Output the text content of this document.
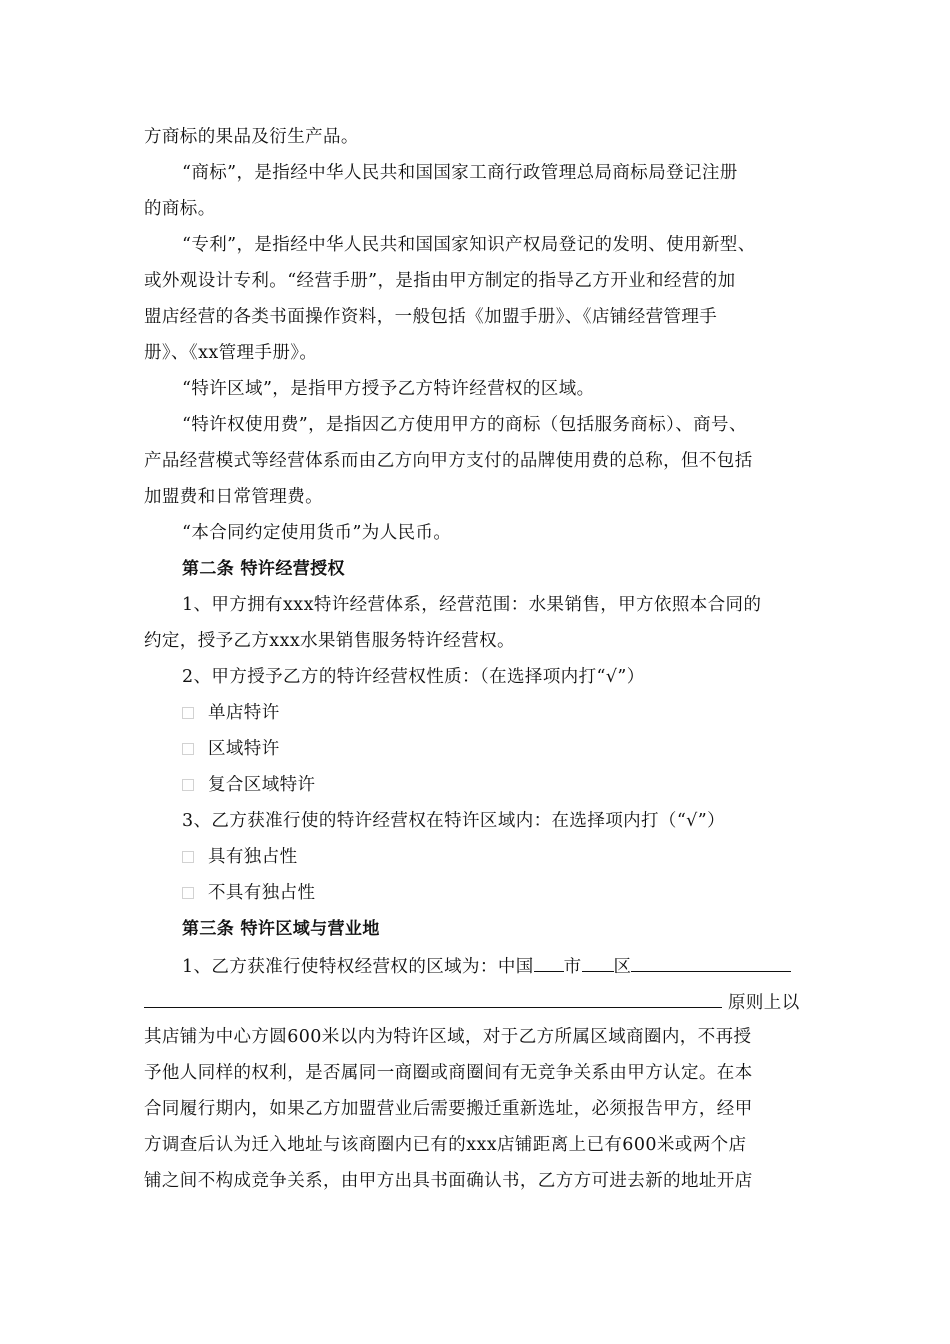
方商标的果品及衍生产品。
“商标”，是指经中华人民共和国国家工商行政管理总局商标局登记注册
的商标。
“专利”，是指经中华人民共和国国家知识产权局登记的发明、使用新型、
或外观设计专利。“经营手册”，是指由甲方制定的指导乙方开业和经营的加
盟店经营的各类书面操作资料，一般包括《加盟手册》、《店铺经营管理手
册》、《xx管理手册》。
“特许区域”，是指甲方授予乙方特许经营权的区域。
“特许权使用费”，是指因乙方使用甲方的商标（包括服务商标）、商号、
产品经营模式等经营体系而由乙方向甲方支付的品牌使用费的总称，但不包括
加盟费和日常管理费。
“本合同约定使用货币”为人民币。
第二条 特许经营授权
1、甲方拥有xxx特许经营体系，经营范围：水果销售，甲方依照本合同的
约定，授予乙方xxx水果销售服务特许经营权。
2、甲方授予乙方的特许经营权性质：（在选择项内打“√”）
单店特许
区域特许
复合区域特许
3、乙方获准行使的特许经营权在特许区域内：在选择项内打（“√”）
具有独占性
不具有独占性
第三条 特许区域与营业地
1、乙方获准行使特权经营权的区域为：中国 市 区
原则上以
其店铺为中心方圆600米以内为特许区域，对于乙方所属区域商圈内，不再授
予他人同样的权利，是否属同一商圈或商圈间有无竞争关系由甲方认定。在本
合同履行期内，如果乙方加盟营业后需要搬迁重新选址，必须报告甲方，经甲
方调查后认为迁入地址与该商圈内已有的xxx店铺距离上已有600米或两个店
铺之间不构成竞争关系，由甲方出具书面确认书，乙方方可进去新的地址开店
